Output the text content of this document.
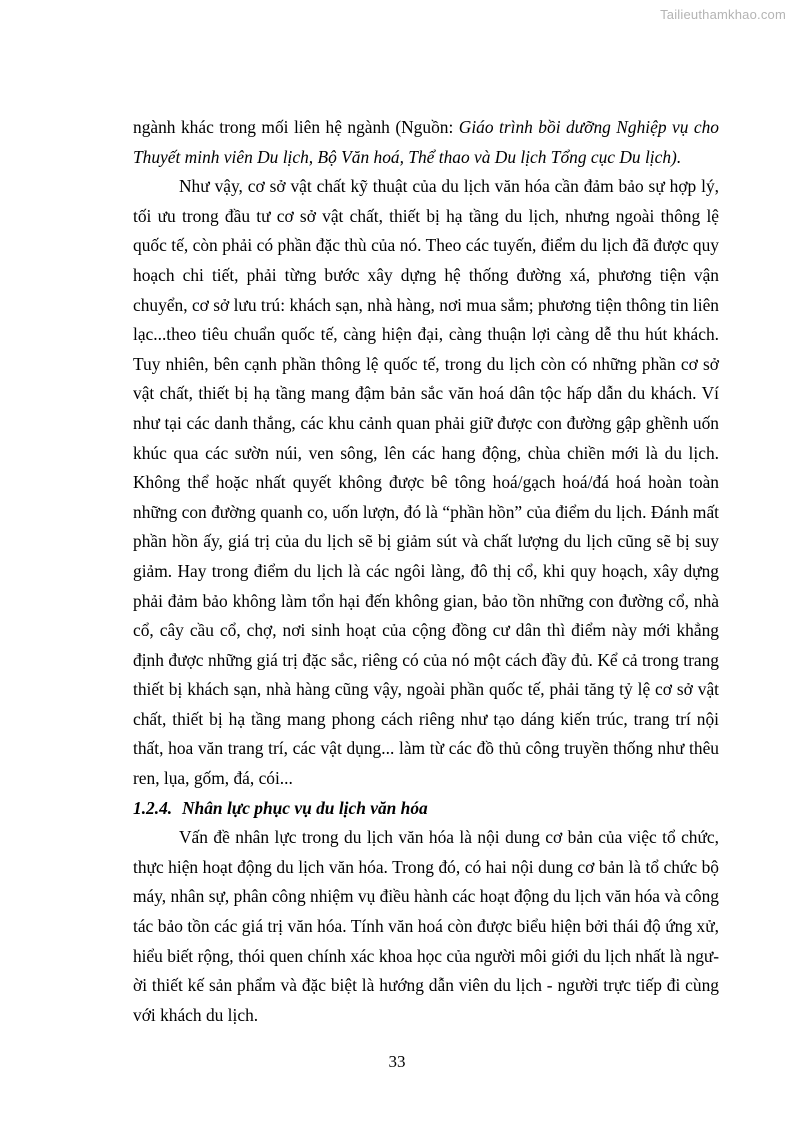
Tailieuthamkhao.com
ngành khác trong mối liên hệ ngành (Nguồn: Giáo trình bồi dưỡng Nghiệp vụ cho
Thuyết minh viên Du lịch, Bộ Văn hoá, Thể thao và Du lịch Tổng cục Du lịch).
Như vậy, cơ sở vật chất kỹ thuật của du lịch văn hóa cần đảm bảo sự hợp lý,
tối ưu trong đầu tư cơ sở vật chất, thiết bị hạ tầng du lịch, nhưng ngoài thông lệ
quốc tế, còn phải có phần đặc thù của nó. Theo các tuyến, điểm du lịch đã được quy
hoạch chi tiết, phải từng bước xây dựng hệ thống đường xá, phương tiện vận
chuyển, cơ sở lưu trú: khách sạn, nhà hàng, nơi mua sắm; phương tiện thông tin liên
lạc...theo tiêu chuẩn quốc tế, càng hiện đại, càng thuận lợi càng dễ thu hút khách.
Tuy nhiên, bên cạnh phần thông lệ quốc tế, trong du lịch còn có những phần cơ sở
vật chất, thiết bị hạ tầng mang đậm bản sắc văn hoá dân tộc hấp dẫn du khách. Ví
như tại các danh thắng, các khu cảnh quan phải giữ được con đường gập ghềnh uốn
khúc qua các sườn núi, ven sông, lên các hang động, chùa chiền mới là du lịch.
Không thể hoặc nhất quyết không được bê tông hoá/gạch hoá/đá hoá hoàn toàn
những con đường quanh co, uốn lượn, đó là “phần hồn” của điểm du lịch. Đánh mất
phần hồn ấy, giá trị của du lịch sẽ bị giảm sút và chất lượng du lịch cũng sẽ bị suy
giảm. Hay trong điểm du lịch là các ngôi làng, đô thị cổ, khi quy hoạch, xây dựng
phải đảm bảo không làm tổn hại đến không gian, bảo tồn những con đường cổ, nhà
cổ, cây cầu cổ, chợ, nơi sinh hoạt của cộng đồng cư dân thì điểm này mới khẳng
định được những giá trị đặc sắc, riêng có của nó một cách đầy đủ. Kể cả trong trang
thiết bị khách sạn, nhà hàng cũng vậy, ngoài phần quốc tế, phải tăng tỷ lệ cơ sở vật
chất, thiết bị hạ tầng mang phong cách riêng như tạo dáng kiến trúc, trang trí nội
thất, hoa văn trang trí, các vật dụng... làm từ các đồ thủ công truyền thống như thêu
ren, lụa, gốm, đá, cói...
1.2.4. Nhân lực phục vụ du lịch văn hóa
Vấn đề nhân lực trong du lịch văn hóa là nội dung cơ bản của việc tổ chức,
thực hiện hoạt động du lịch văn hóa. Trong đó, có hai nội dung cơ bản là tổ chức bộ
máy, nhân sự, phân công nhiệm vụ điều hành các hoạt động du lịch văn hóa và công
tác bảo tồn các giá trị văn hóa. Tính văn hoá còn được biểu hiện bởi thái độ ứng xử,
hiểu biết rộng, thói quen chính xác khoa học của người môi giới du lịch nhất là ngư-
ời thiết kế sản phẩm và đặc biệt là hướng dẫn viên du lịch - người trực tiếp đi cùng
với khách du lịch.
33
